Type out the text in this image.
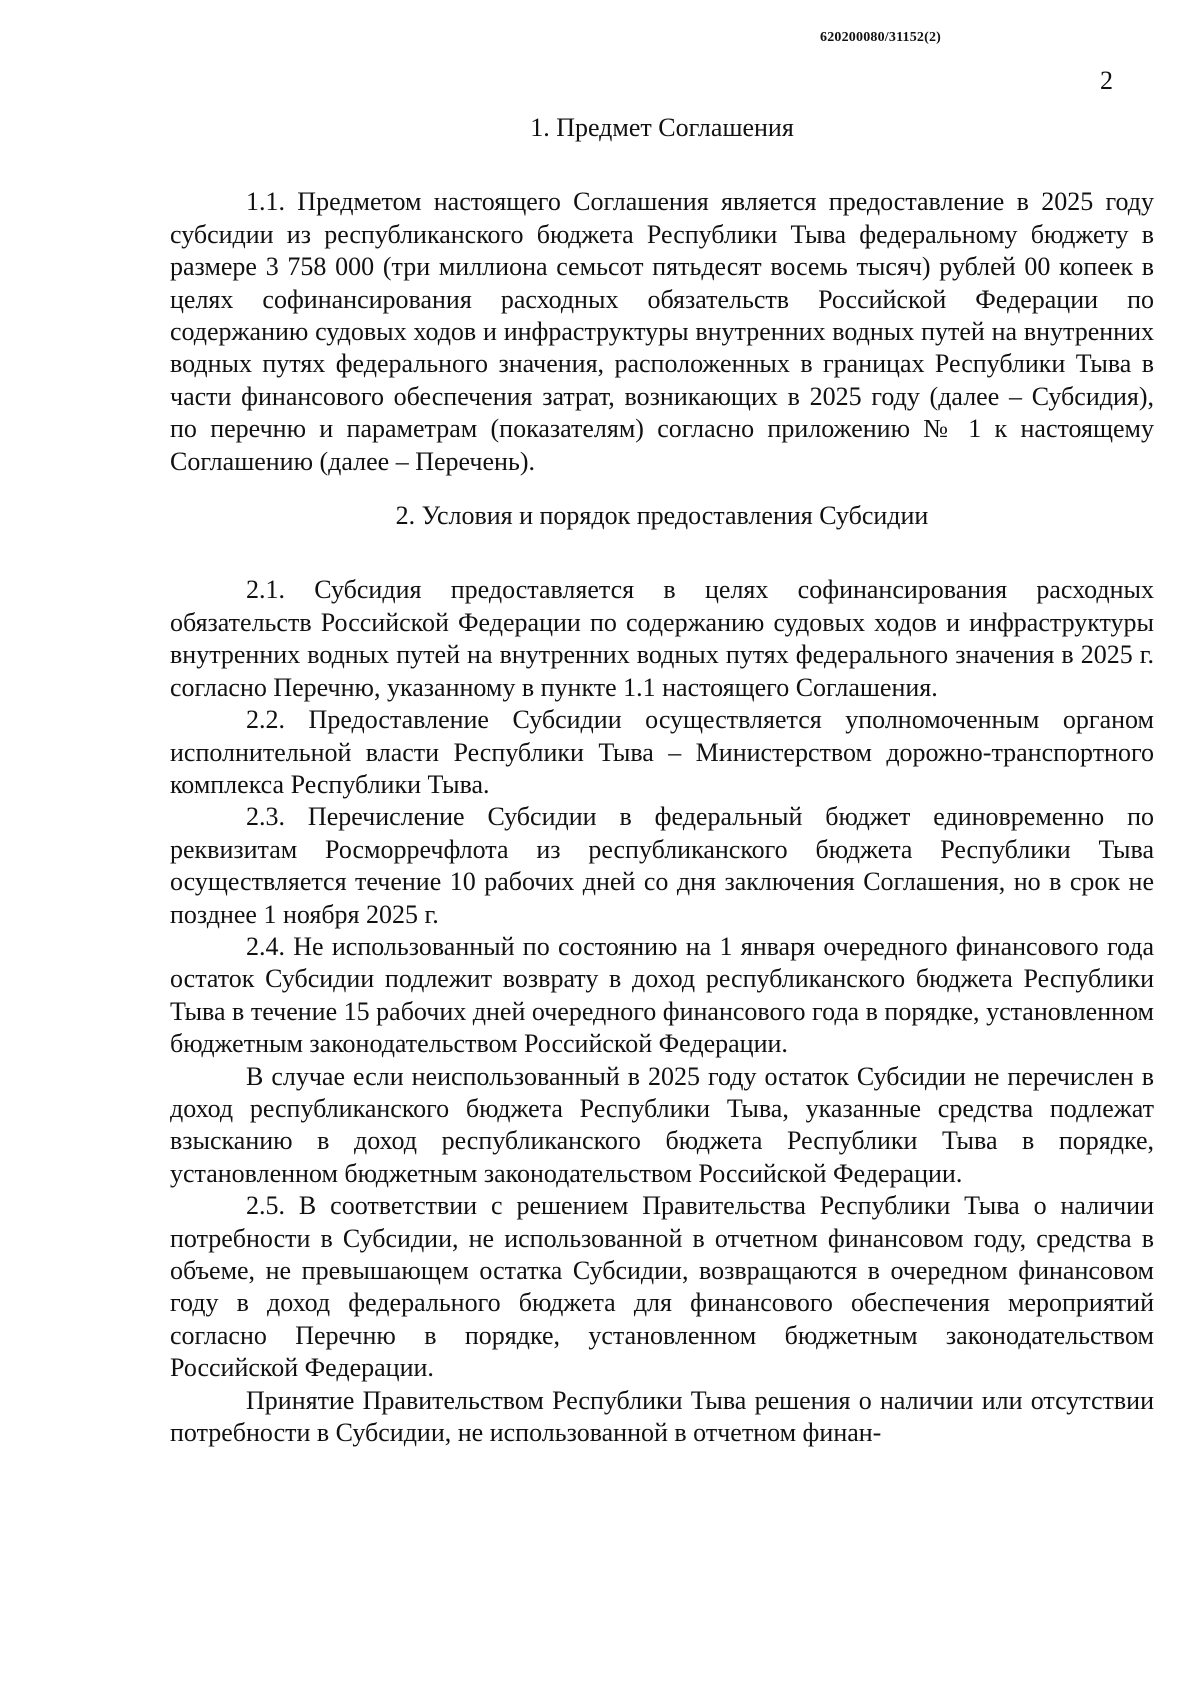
620200080/31152(2)
2
1. Предмет Соглашения

1.1. Предметом настоящего Соглашения является предоставление в 2025 году субсидии из республиканского бюджета Республики Тыва федеральному бюджету в размере 3 758 000 (три миллиона семьсот пятьдесят восемь тысяч) рублей 00 копеек в целях софинансирования расходных обязательств Российской Федерации по содержанию судовых ходов и инфраструктуры внутренних водных путей на внутренних водных путях федерального значения, расположенных в границах Республики Тыва в части финансового обеспечения затрат, возникающих в 2025 году (далее – Субсидия), по перечню и параметрам (показателям) согласно приложению № 1 к настоящему Соглашению (далее – Перечень).

2. Условия и порядок предоставления Субсидии

2.1. Субсидия предоставляется в целях софинансирования расходных обязательств Российской Федерации по содержанию судовых ходов и инфраструктуры внутренних водных путей на внутренних водных путях федерального значения в 2025 г. согласно Перечню, указанному в пункте 1.1 настоящего Соглашения.

2.2. Предоставление Субсидии осуществляется уполномоченным органом исполнительной власти Республики Тыва – Министерством дорожно-транспортного комплекса Республики Тыва.

2.3. Перечисление Субсидии в федеральный бюджет единовременно по реквизитам Росморречфлота из республиканского бюджета Республики Тыва осуществляется течение 10 рабочих дней со дня заключения Соглашения, но в срок не позднее 1 ноября 2025 г.

2.4. Не использованный по состоянию на 1 января очередного финансового года остаток Субсидии подлежит возврату в доход республиканского бюджета Республики Тыва в течение 15 рабочих дней очередного финансового года в порядке, установленном бюджетным законодательством Российской Федерации.

В случае если неиспользованный в 2025 году остаток Субсидии не перечислен в доход республиканского бюджета Республики Тыва, указанные средства подлежат взысканию в доход республиканского бюджета Республики Тыва в порядке, установленном бюджетным законодательством Российской Федерации.

2.5. В соответствии с решением Правительства Республики Тыва о наличии потребности в Субсидии, не использованной в отчетном финансовом году, средства в объеме, не превышающем остатка Субсидии, возвращаются в очередном финансовом году в доход федерального бюджета для финансового обеспечения мероприятий согласно Перечню в порядке, установленном бюджетным законодательством Российской Федерации.

Принятие Правительством Республики Тыва решения о наличии или отсутствии потребности в Субсидии, не использованной в отчетном финан-
